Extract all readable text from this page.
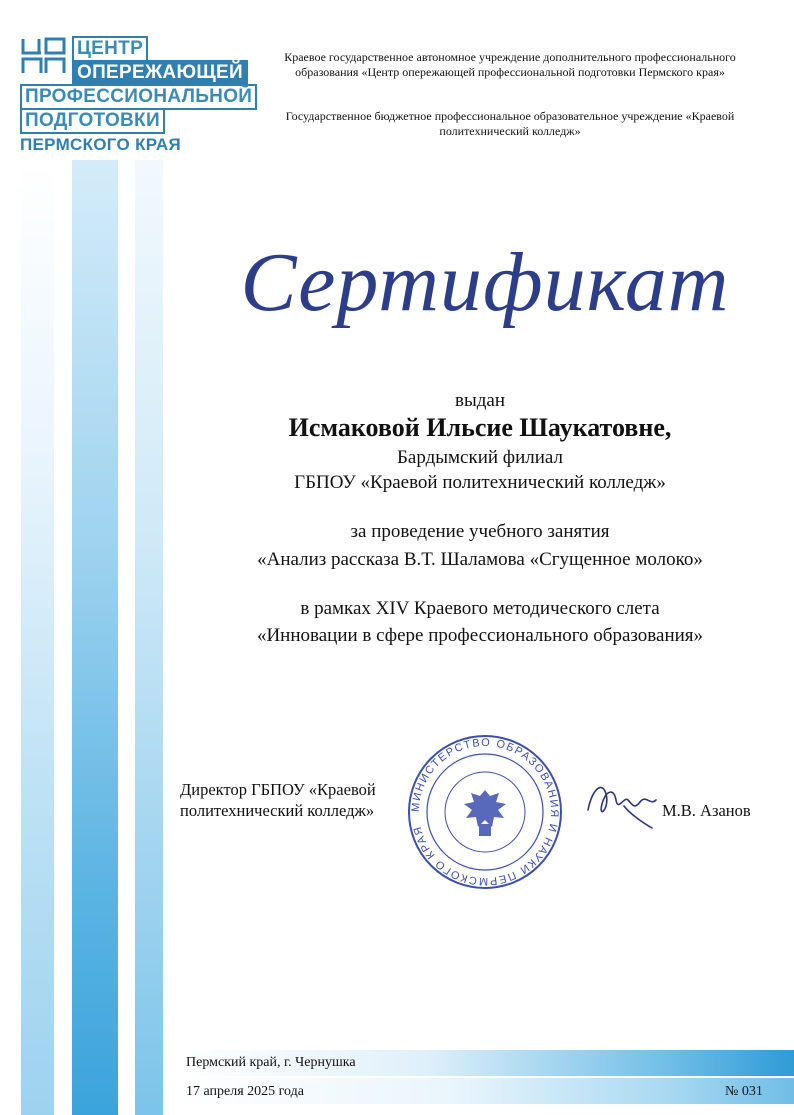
ЦЕНТР
ОПЕРЕЖАЮЩЕЙ
ПРОФЕССИОНАЛЬНОЙ
ПОДГОТОВКИ
ПЕРМСКОГО КРАЯ
Краевое государственное автономное учреждение дополнительного профессионального образования «Центр опережающей профессиональной подготовки Пермского края»
Государственное бюджетное профессиональное образовательное учреждение «Краевой политехнический колледж»
Сертификат
выдан
Исмаковой Ильсие Шаукатовне,
Бардымский филиал
ГБПОУ «Краевой политехнический колледж»
за проведение учебного занятия
«Анализ рассказа В.Т. Шаламова «Сгущенное молоко»
в рамках XIV Краевого методического слета
«Инновации в сфере профессионального образования»
Директор ГБПОУ «Краевой политехнический колледж»	МИНИСТЕРСТВО ОБРАЗОВАНИЯ И НАУКИ ПЕРМСКОГО КРАЯ
М.В. Азанов
Пермский край, г. Чернушка
17 апреля 2025 года	№ 031
